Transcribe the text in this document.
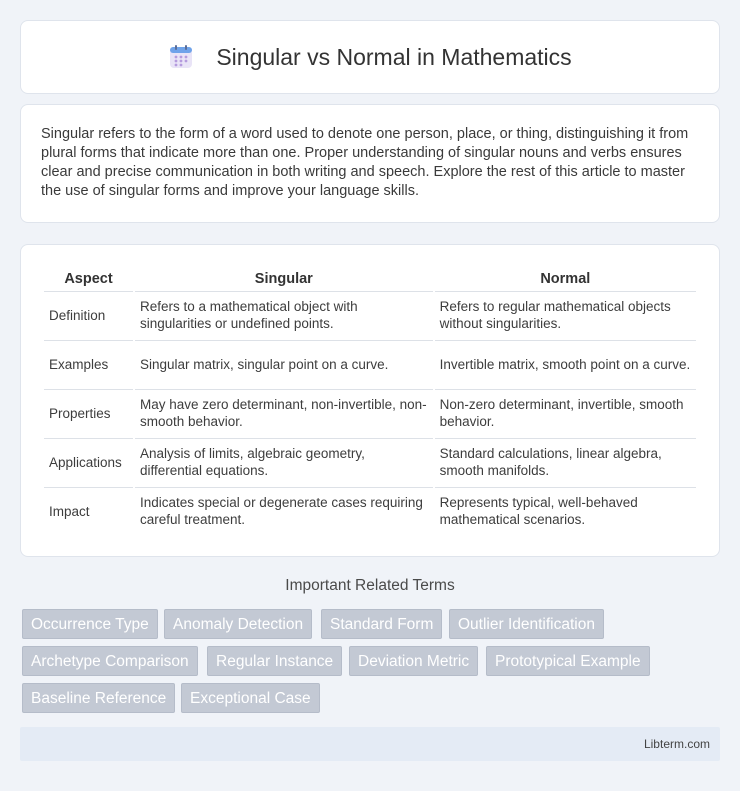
Singular vs Normal in Mathematics

Singular refers to the form of a word used to denote one person, place, or thing, distinguishing it from plural forms that indicate more than one. Proper understanding of singular nouns and verbs ensures clear and precise communication in both writing and speech. Explore the rest of this article to master the use of singular forms and improve your language skills.

Aspect	Singular	Normal
Definition	Refers to a mathematical object with singularities or undefined points.	Refers to regular mathematical objects without singularities.
Examples	Singular matrix, singular point on a curve.	Invertible matrix, smooth point on a curve.
Properties	May have zero determinant, non-invertible, non-smooth behavior.	Non-zero determinant, invertible, smooth behavior.
Applications	Analysis of limits, algebraic geometry, differential equations.	Standard calculations, linear algebra, smooth manifolds.
Impact	Indicates special or degenerate cases requiring careful treatment.	Represents typical, well-behaved mathematical scenarios.
Important Related Terms
Occurrence Type	Anomaly Detection	Standard Form	Outlier Identification
Archetype Comparison	Regular Instance	Deviation Metric	Prototypical Example
Baseline Reference	Exceptional Case
Libterm.com
